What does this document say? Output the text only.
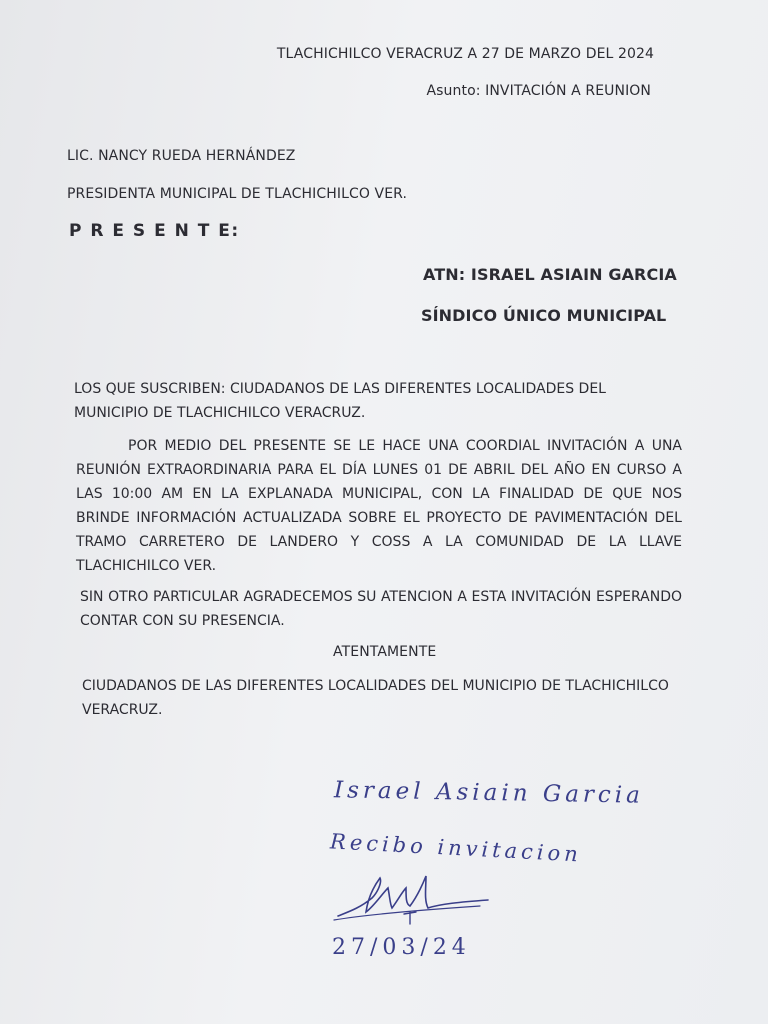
TLACHICHILCO VERACRUZ A 27 DE MARZO DEL 2024
Asunto: INVITACIÓN A REUNION
LIC. NANCY RUEDA HERNÁNDEZ
PRESIDENTA MUNICIPAL DE TLACHICHILCO VER.
P R E S E N T E:
ATN: ISRAEL ASIAIN GARCIA
SÍNDICO ÚNICO MUNICIPAL
LOS QUE SUSCRIBEN: CIUDADANOS DE LAS DIFERENTES LOCALIDADES DEL MUNICIPIO DE TLACHICHILCO VERACRUZ.
POR MEDIO DEL PRESENTE SE LE HACE UNA COORDIAL INVITACIÓN A UNA REUNIÓN EXTRAORDINARIA PARA EL DÍA LUNES 01 DE ABRIL DEL AÑO EN CURSO A LAS 10:00 AM EN LA EXPLANADA MUNICIPAL, CON LA FINALIDAD DE QUE NOS BRINDE INFORMACIÓN ACTUALIZADA SOBRE EL PROYECTO DE PAVIMENTACIÓN DEL TRAMO CARRETERO DE LANDERO Y COSS A LA COMUNIDAD DE LA LLAVE TLACHICHILCO VER.
SIN OTRO PARTICULAR AGRADECEMOS SU ATENCION A ESTA INVITACIÓN ESPERANDO CONTAR CON SU PRESENCIA.
ATENTAMENTE
CIUDADANOS DE LAS DIFERENTES LOCALIDADES DEL MUNICIPIO DE TLACHICHILCO VERACRUZ.
Israel Asiain Garcia
Recibo invitacion
27/03/24
